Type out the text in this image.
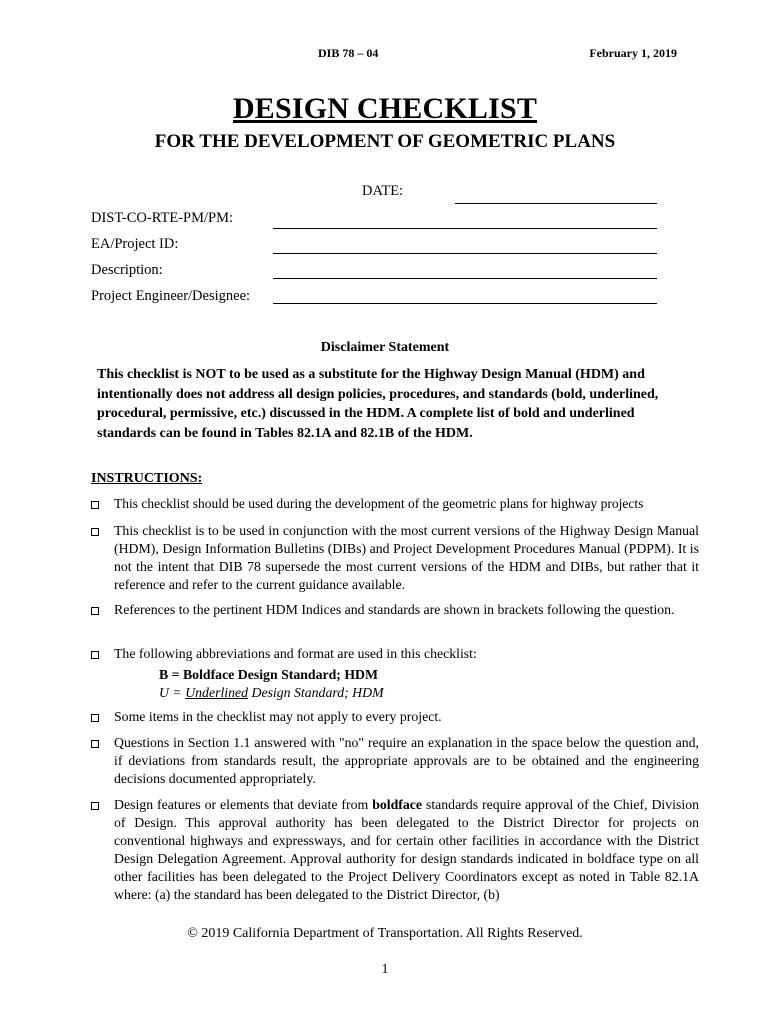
DIB 78 – 04	February 1, 2019
DESIGN CHECKLIST
FOR THE DEVELOPMENT OF GEOMETRIC PLANS
DATE:
DIST-CO-RTE-PM/PM:
EA/Project ID:
Description:
Project Engineer/Designee:
Disclaimer Statement
This checklist is NOT to be used as a substitute for the Highway Design Manual (HDM) and intentionally does not address all design policies, procedures, and standards (bold, underlined, procedural, permissive, etc.) discussed in the HDM. A complete list of bold and underlined standards can be found in Tables 82.1A and 82.1B of the HDM.
INSTRUCTIONS:
This checklist should be used during the development of the geometric plans for highway projects
This checklist is to be used in conjunction with the most current versions of the Highway Design Manual (HDM), Design Information Bulletins (DIBs) and Project Development Procedures Manual (PDPM). It is not the intent that DIB 78 supersede the most current versions of the HDM and DIBs, but rather that it reference and refer to the current guidance available.
References to the pertinent HDM Indices and standards are shown in brackets following the question.
The following abbreviations and format are used in this checklist:
B = Boldface Design Standard; HDM
U = Underlined Design Standard; HDM
Some items in the checklist may not apply to every project.
Questions in Section 1.1 answered with "no" require an explanation in the space below the question and, if deviations from standards result, the appropriate approvals are to be obtained and the engineering decisions documented appropriately.
Design features or elements that deviate from boldface standards require approval of the Chief, Division of Design. This approval authority has been delegated to the District Director for projects on conventional highways and expressways, and for certain other facilities in accordance with the District Design Delegation Agreement. Approval authority for design standards indicated in boldface type on all other facilities has been delegated to the Project Delivery Coordinators except as noted in Table 82.1A where: (a) the standard has been delegated to the District Director, (b)
© 2019 California Department of Transportation. All Rights Reserved.
1
